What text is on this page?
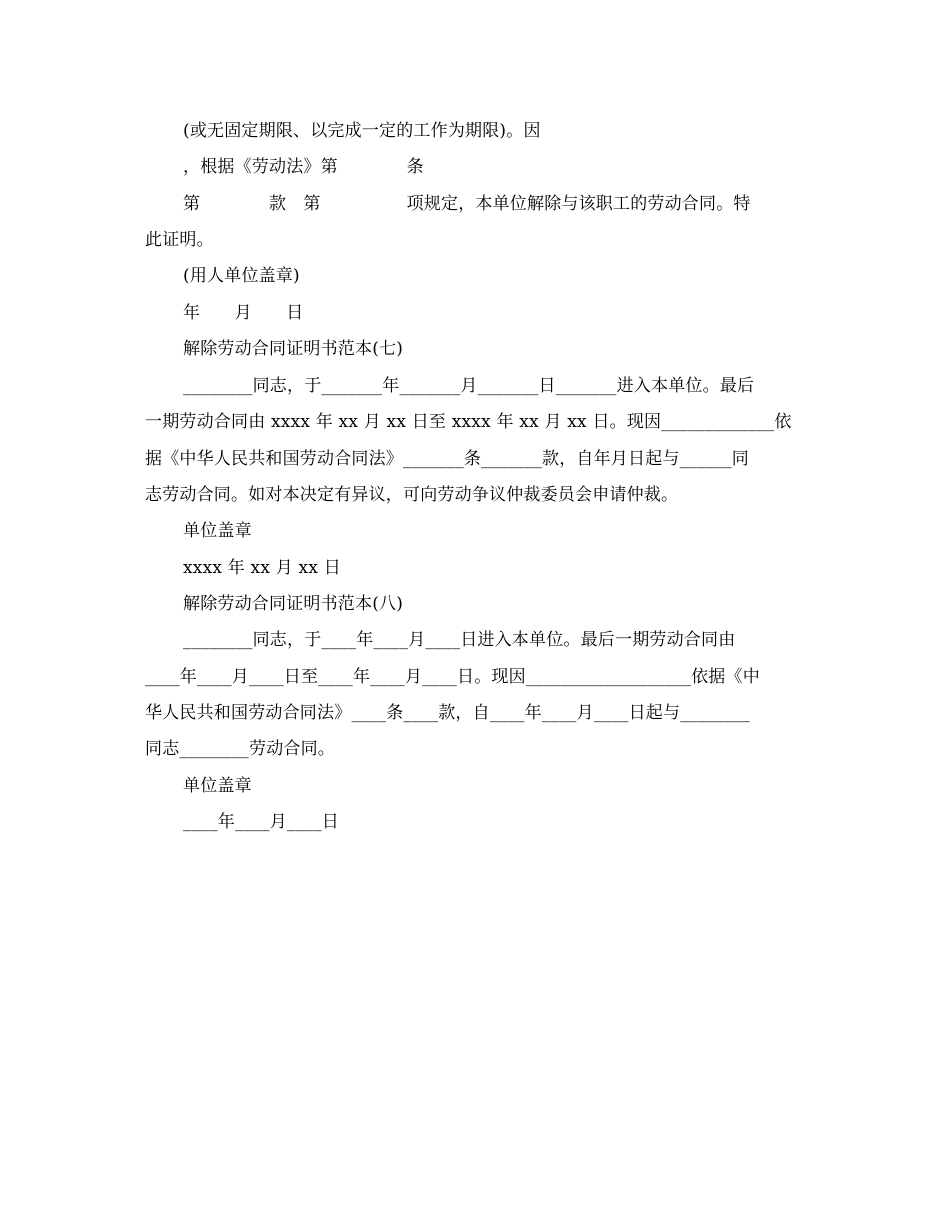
(或无固定期限、以完成一定的工作为期限)。因
，根据《劳动法》第　　　　条
第　　　　款　第　　　　　项规定，本单位解除与该职工的劳动合同。特
此证明。
(用人单位盖章)
年　　月　　日
解除劳动合同证明书范本(七)
________同志，于_______年_______月_______日_______进入本单位。最后
一期劳动合同由 xxxx 年 xx 月 xx 日至 xxxx 年 xx 月 xx 日。现因_____________依
据《中华人民共和国劳动合同法》_______条_______款，自年月日起与______同
志劳动合同。如对本决定有异议，可向劳动争议仲裁委员会申请仲裁。
单位盖章
xxxx 年 xx 月 xx 日
解除劳动合同证明书范本(八)
________同志，于____年____月____日进入本单位。最后一期劳动合同由
____年____月____日至____年____月____日。现因___________________依据《中
华人民共和国劳动合同法》____条____款，自____年____月____日起与________
同志________劳动合同。
单位盖章
____年____月____日
